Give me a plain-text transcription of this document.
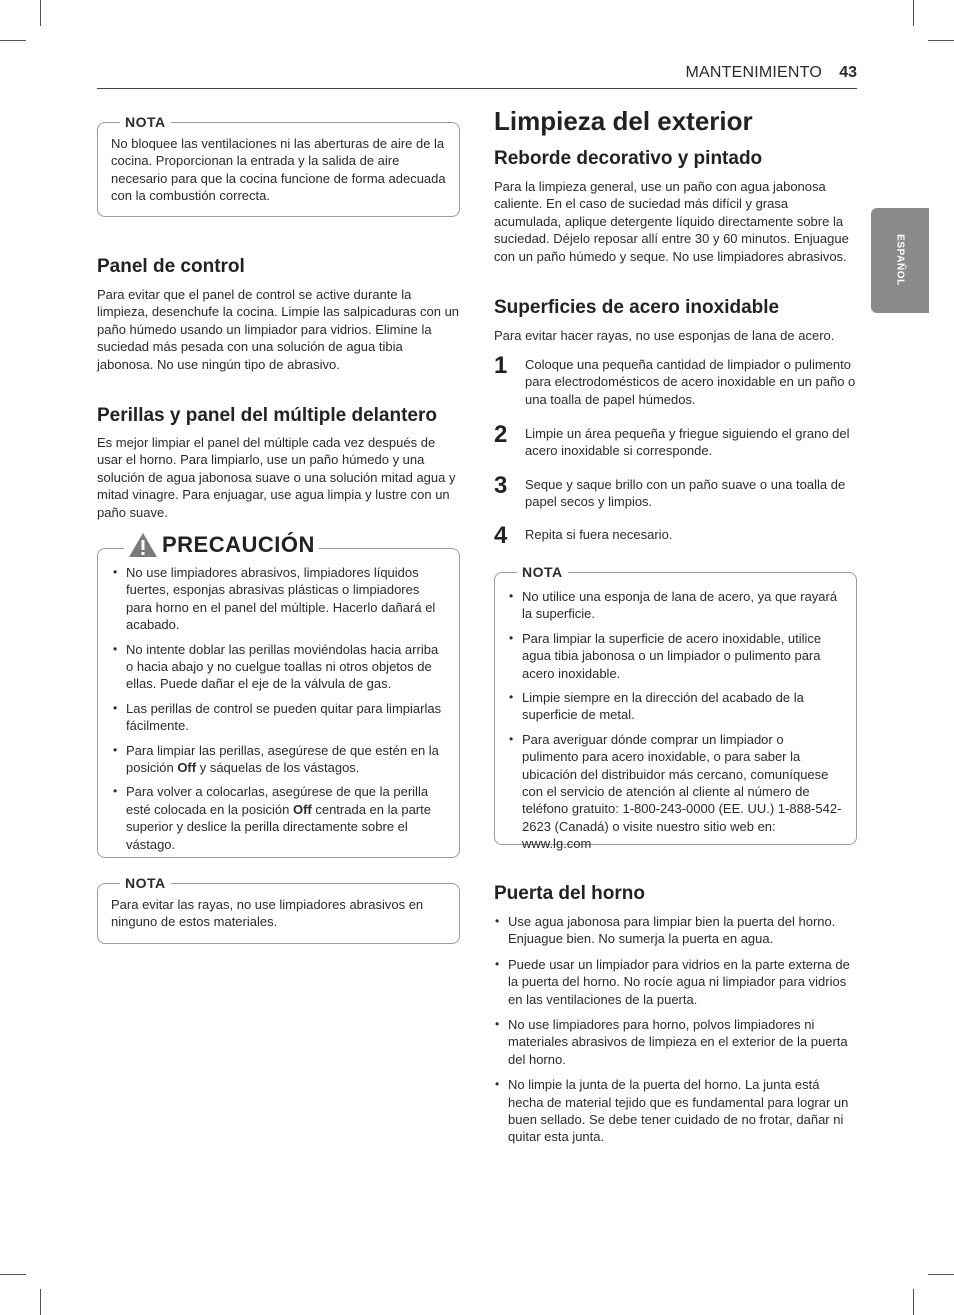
MANTENIMIENTO 43
ESPAÑOL
NOTA

No bloquee las ventilaciones ni las aberturas de aire de la cocina. Proporcionan la entrada y la salida de aire necesario para que la cocina funcione de forma adecuada con la combustión correcta.

Panel de control

Para evitar que el panel de control se active durante la limpieza, desenchufe la cocina. Limpie las salpicaduras con un paño húmedo usando un limpiador para vidrios. Elimine la suciedad más pesada con una solución de agua tibia jabonosa. No use ningún tipo de abrasivo.

Perillas y panel del múltiple delantero

Es mejor limpiar el panel del múltiple cada vez después de usar el horno. Para limpiarlo, use un paño húmedo y una solución de agua jabonosa suave o una solución mitad agua y mitad vinagre. Para enjuagar, use agua limpia y lustre con un paño suave.

PRECAUCIÓN
• No use limpiadores abrasivos, limpiadores líquidos fuertes, esponjas abrasivas plásticas o limpiadores para horno en el panel del múltiple. Hacerlo dañará el acabado.
• No intente doblar las perillas moviéndolas hacia arriba o hacia abajo y no cuelgue toallas ni otros objetos de ellas. Puede dañar el eje de la válvula de gas.
• Las perillas de control se pueden quitar para limpiarlas fácilmente.
• Para limpiar las perillas, asegúrese de que estén en la posición Off y sáquelas de los vástagos.
• Para volver a colocarlas, asegúrese de que la perilla esté colocada en la posición Off centrada en la parte superior y deslice la perilla directamente sobre el vástago.
NOTA

Para evitar las rayas, no use limpiadores abrasivos en ninguno de estos materiales.

Limpieza del exterior
Reborde decorativo y pintado

Para la limpieza general, use un paño con agua jabonosa caliente. En el caso de suciedad más difícil y grasa acumulada, aplique detergente líquido directamente sobre la suciedad. Déjelo reposar allí entre 30 y 60 minutos. Enjuague con un paño húmedo y seque. No use limpiadores abrasivos.

Superficies de acero inoxidable

Para evitar hacer rayas, no use esponjas de lana de acero.

1 Coloque una pequeña cantidad de limpiador o pulimento para electrodomésticos de acero inoxidable en un paño o una toalla de papel húmedos.

2 Limpie un área pequeña y friegue siguiendo el grano del acero inoxidable si corresponde.

3 Seque y saque brillo con un paño suave o una toalla de papel secos y limpios.

4 Repita si fuera necesario.

NOTA
• No utilice una esponja de lana de acero, ya que rayará la superficie.
• Para limpiar la superficie de acero inoxidable, utilice agua tibia jabonosa o un limpiador o pulimento para acero inoxidable.
• Limpie siempre en la dirección del acabado de la superficie de metal.
• Para averiguar dónde comprar un limpiador o pulimento para acero inoxidable, o para saber la ubicación del distribuidor más cercano, comuníquese con el servicio de atención al cliente al número de teléfono gratuito: 1-800-243-0000 (EE. UU.) 1-888-542-2623 (Canadá) o visite nuestro sitio web en: www.lg.com
Puerta del horno
• Use agua jabonosa para limpiar bien la puerta del horno. Enjuague bien. No sumerja la puerta en agua.
• Puede usar un limpiador para vidrios en la parte externa de la puerta del horno. No rocíe agua ni limpiador para vidrios en las ventilaciones de la puerta.
• No use limpiadores para horno, polvos limpiadores ni materiales abrasivos de limpieza en el exterior de la puerta del horno.
• No limpie la junta de la puerta del horno. La junta está hecha de material tejido que es fundamental para lograr un buen sellado. Se debe tener cuidado de no frotar, dañar ni quitar esta junta.
